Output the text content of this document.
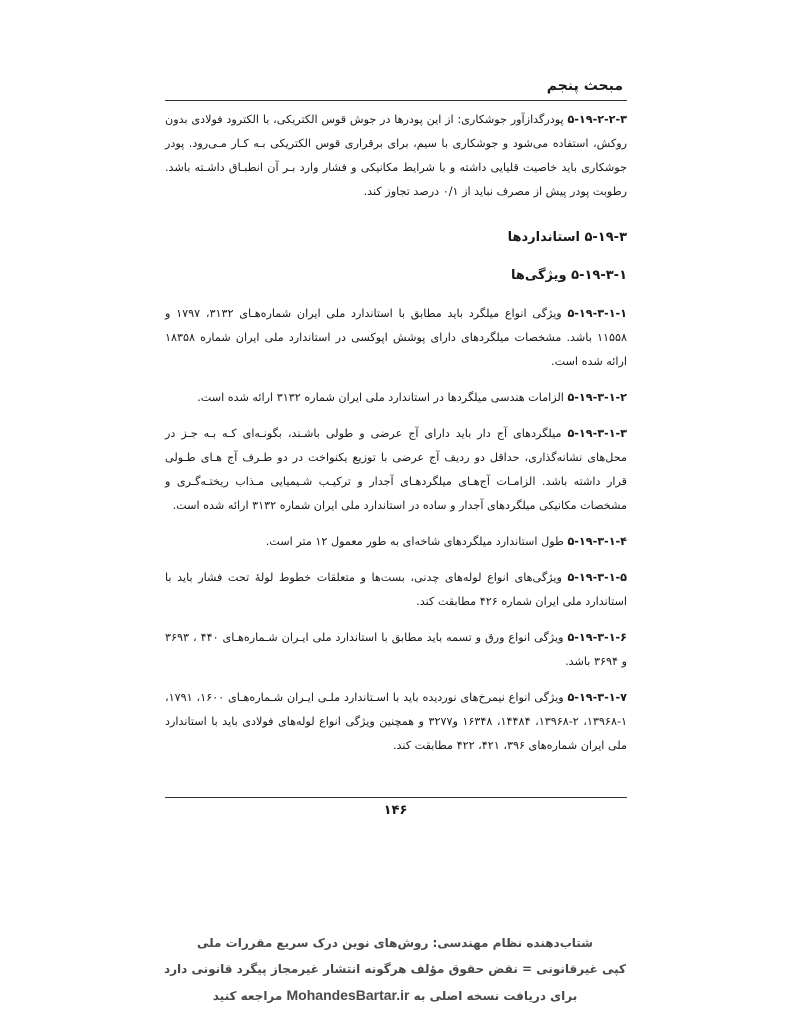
مبحث پنجم

۵-۱۹-۲-۲-۳ پودرگدازآور جوشکاری: از این پودرها در جوش قوس الکتریکی، با الکترود فولادی بدون روکش، استفاده می‌شود و جوشکاری با سیم، برای برقراری قوس الکتریکی بـه کـار مـی‌رود. پودر جوشکاری باید خاصیت قلیایی داشته و با شرایط مکانیکی و فشار وارد بـر آن انطبـاق داشـته باشد. رطوبت پودر پیش از مصرف نباید از ۰/۱ درصد تجاوز کند.

۵-۱۹-۳ استانداردها
۵-۱۹-۳-۱ ویژگی‌ها

۵-۱۹-۳-۱-۱ ویژگی انواع میلگرد باید مطابق با استاندارد ملی ایران شماره‌هـای ۳۱۳۲، ۱۷۹۷ و ۱۱۵۵۸ باشد. مشخصات میلگردهای دارای پوشش اپوکسی در استاندارد ملی ایران شماره ۱۸۳۵۸ ارائه شده است.

۵-۱۹-۳-۱-۲ الزامات هندسی میلگردها در استاندارد ملی ایران شماره ۳۱۳۲ ارائه شده است.

۵-۱۹-۳-۱-۳ میلگردهای آج دار باید دارای آج عرضی و طولی باشـند، بگونـه‌ای کـه بـه جـز در محل‌های نشانه‌گذاری، حداقل دو ردیف آج عرضی با توزیع یکنواخت در دو طـرف آج هـای طـولی قرار داشته باشد. الزامـات آج‌هـای میلگردهـای آجدار و ترکیـب شـیمیایی مـذاب ریختـه‌گـری و مشخصات مکانیکی میلگردهای آجدار و ساده در استاندارد ملی ایران شماره ۳۱۳۲ ارائه شده است.

۵-۱۹-۳-۱-۴ طول استاندارد میلگردهای شاخه‌ای به طور معمول ۱۲ متر است.

۵-۱۹-۳-۱-۵ ویژگی‌های انواع لوله‌های چدنی، بست‌ها و متعلقات خطوط لولهٔ تحت فشار باید با استاندارد ملی ایران شماره ۴۲۶ مطابقت کند.

۵-۱۹-۳-۱-۶ ویژگی انواع ورق و تسمه باید مطابق با استاندارد ملی ایـران شـماره‌هـای ۴۴۰ ، ۳۶۹۳ و ۳۶۹۴ باشد.

۵-۱۹-۳-۱-۷ ویژگی انواع نیمرخ‌های نوردیده باید با اسـتاندارد ملـی ایـران شـماره‌هـای ۱۶۰۰، ۱۷۹۱، ۱-۱۳۹۶۸، ۲-۱۳۹۶۸، ۱۴۴۸۴، ۱۶۳۴۸ و۳۲۷۷ و همچنین ویژگی انواع لوله‌های فولادی باید با استاندارد ملی ایران شماره‌های ۳۹۶، ۴۲۱، ۴۲۲ مطابقت کند.

۱۴۶
شتاب‌دهنده نظام مهندسی: روش‌های نوین درک سریع مقررات ملی
کپی غیرقانونی = نقض حقوق مؤلف هرگونه انتشار غیرمجاز پیگرد قانونی دارد
برای دریافت نسخه اصلی به MohandesBartar.ir مراجعه کنید
